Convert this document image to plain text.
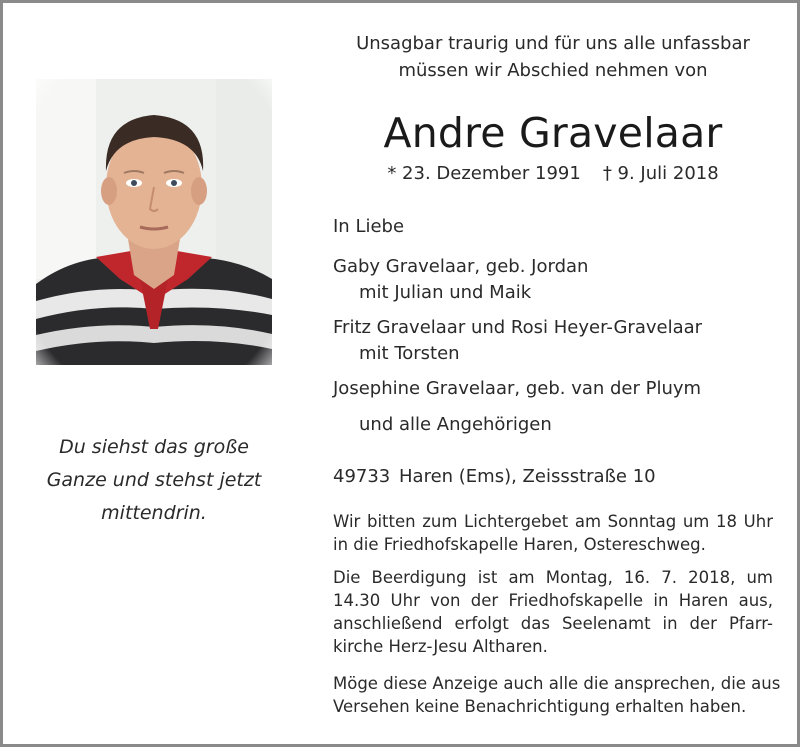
Du siehst das große
Ganze und stehst jetzt
mittendrin.
Unsagbar traurig und für uns alle unfassbar
müssen wir Abschied nehmen von
Andre Gravelaar
* 23. Dezember 1991 † 9. Juli 2018
In Liebe
Gaby Gravelaar, geb. Jordan
mit Julian und Maik
Fritz Gravelaar und Rosi Heyer-Gravelaar
mit Torsten
Josephine Gravelaar, geb. van der Pluym
und alle Angehörigen
49733 Haren (Ems), Zeissstraße 10
Wir bitten zum Lichtergebet am Sonntag um 18 Uhr
in die Friedhofskapelle Haren, Ostereschweg.
Die Beerdigung ist am Montag, 16. 7. 2018, um
14.30 Uhr von der Friedhofskapelle in Haren aus,
anschließend erfolgt das Seelenamt in der Pfarr-
kirche Herz-Jesu Altharen.
Möge diese Anzeige auch alle die ansprechen, die aus
Versehen keine Benachrichtigung erhalten haben.
